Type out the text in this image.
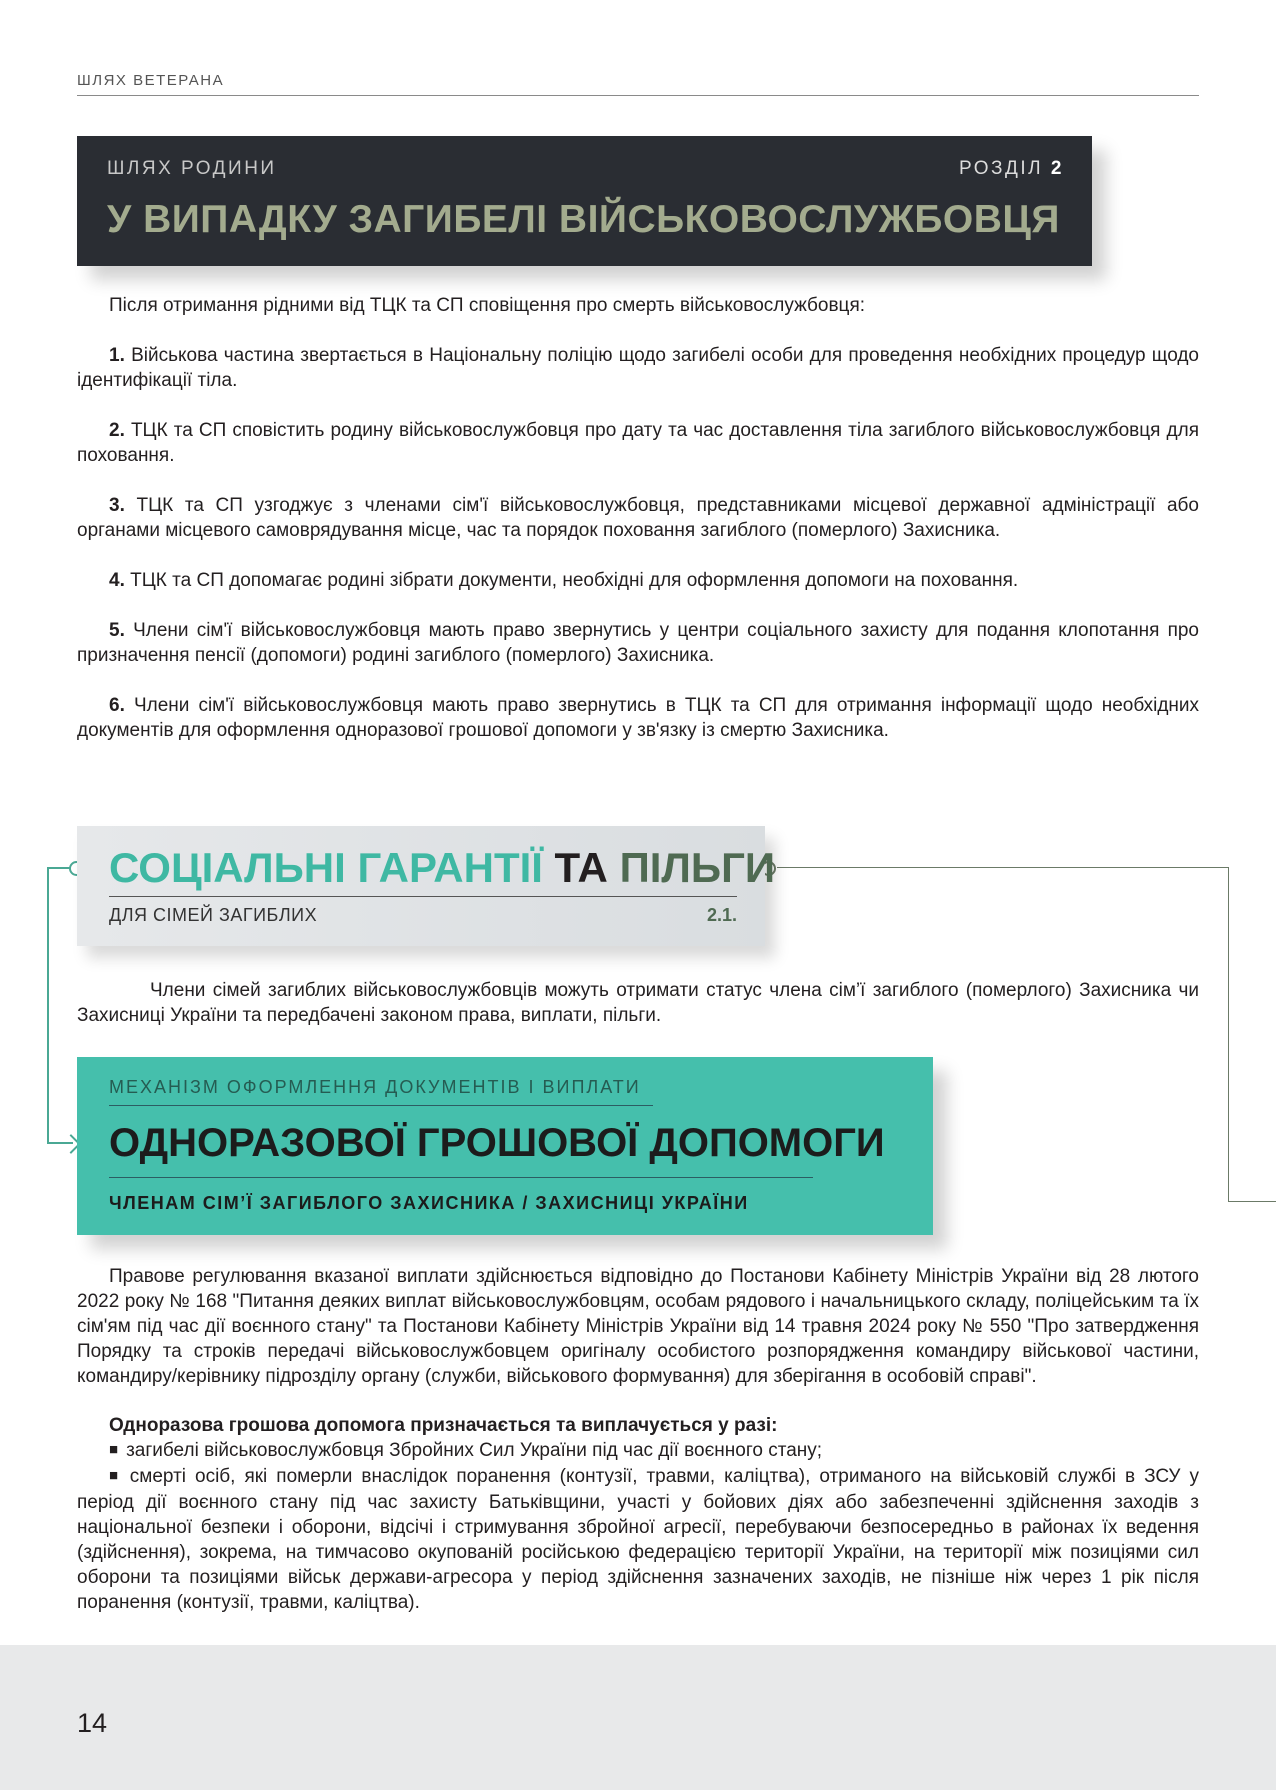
ШЛЯХ ВЕТЕРАНА
ШЛЯХ РОДИНИ	РОЗДІЛ 2
У ВИПАДКУ ЗАГИБЕЛІ ВІЙСЬКОВОСЛУЖБОВЦЯ

Після отримання рідними від ТЦК та СП сповіщення про смерть військовослужбовця:

1. Військова частина звертається в Національну поліцію щодо загибелі особи для проведення необхідних процедур щодо ідентифікації тіла.

2. ТЦК та СП сповістить родину військовослужбовця про дату та час доставлення тіла загиблого військовослужбовця для поховання.

3. ТЦК та СП узгоджує з членами сім'ї військовослужбовця, представниками місцевої державної адміністрації або органами місцевого самоврядування місце, час та порядок поховання загиблого (померлого) Захисника.

4. ТЦК та СП допомагає родині зібрати документи, необхідні для оформлення допомоги на поховання.

5. Члени сім'ї військовослужбовця мають право звернутись у центри соціального захисту для подання клопотання про призначення пенсії (допомоги) родині загиблого (померлого) Захисника.

6. Члени сім'ї військовослужбовця мають право звернутись в ТЦК та СП для отримання інформації щодо необхідних документів для оформлення одноразової грошової допомоги у зв'язку із смертю Захисника.

СОЦІАЛЬНІ ГАРАНТІЇ ТА ПІЛЬГИ
ДЛЯ СІМЕЙ ЗАГИБЛИХ	2.1.

Члени сімей загиблих військовослужбовців можуть отримати статус члена сім’ї загиблого (померлого) Захисника чи Захисниці України та передбачені законом права, виплати, пільги.

МЕХАНІЗМ ОФОРМЛЕННЯ ДОКУМЕНТІВ І ВИПЛАТИ
ОДНОРАЗОВОЇ ГРОШОВОЇ ДОПОМОГИ
ЧЛЕНАМ СІМ’Ї ЗАГИБЛОГО ЗАХИСНИКА / ЗАХИСНИЦІ УКРАЇНИ

Правове регулювання вказаної виплати здійснюється відповідно до Постанови Кабінету Міністрів України від 28 лютого 2022 року № 168 "Питання деяких виплат військовослужбовцям, особам рядового і начальницького складу, поліцейським та їх сім'ям під час дії воєнного стану" та Постанови Кабінету Міністрів України від 14 травня 2024 року № 550 "Про затвердження Порядку та строків передачі військовослужбовцем оригіналу особистого розпорядження командиру військової частини, командиру/керівнику підрозділу органу (служби, військового формування) для зберігання в особовій справі".

Одноразова грошова допомога призначається та виплачується у разі:

■ загибелі військовослужбовця Збройних Сил України під час дії воєнного стану;

■ смерті осіб, які померли внаслідок поранення (контузії, травми, каліцтва), отриманого на військовій службі в ЗСУ у період дії воєнного стану під час захисту Батьківщини, участі у бойових діях або забезпеченні здійснення заходів з національної безпеки і оборони, відсічі і стримування збройної агресії, перебуваючи безпосередньо в районах їх ведення (здійснення), зокрема, на тимчасово окупованій російською федерацією території України, на території між позиціями сил оборони та позиціями військ держави-агресора у період здійснення зазначених заходів, не пізніше ніж через 1 рік після поранення (контузії, травми, каліцтва).

14
